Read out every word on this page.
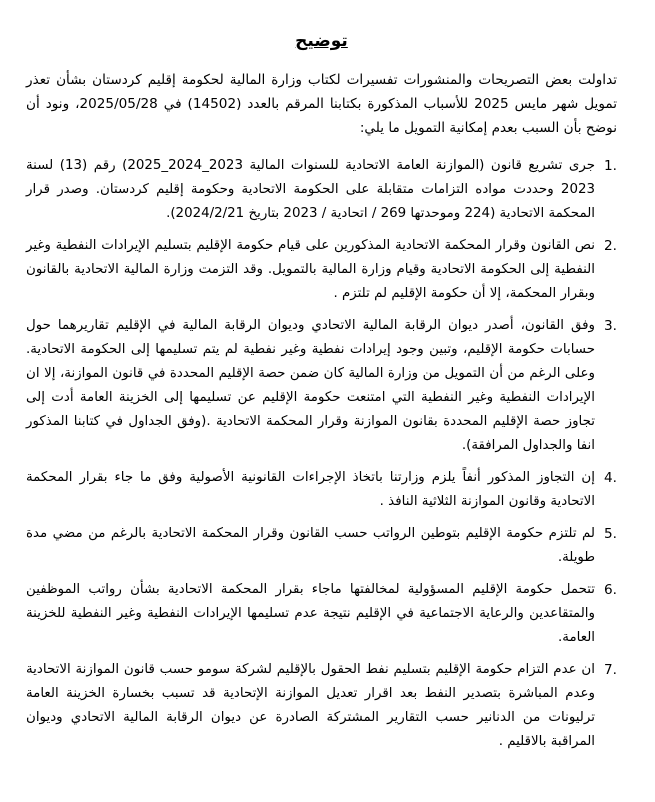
توضيح

تداولت بعض التصريحات والمنشورات تفسيرات لكتاب وزارة المالية لحكومة إقليم كردستان بشأن تعذر تمويل شهر مايس 2025 للأسباب المذكورة بكتابنا المرقم بالعدد (14502) في 2025/05/28، ونود أن نوضح بأن السبب بعدم إمكانية التمويل ما يلي:

1.
جرى تشريع قانون (الموازنة العامة الاتحادية للسنوات المالية 2023_2024_2025) رقم (13) لسنة 2023 وحددت مواده التزامات متقابلة على الحكومة الاتحادية وحكومة إقليم كردستان. وصدر قرار المحكمة الاتحادية (224 وموحدتها 269 / اتحادية / 2023 بتاريخ 2024/2/21).
2.
نص القانون وقرار المحكمة الاتحادية المذكورين على قيام حكومة الإقليم بتسليم الإيرادات النفطية وغير النفطية إلى الحكومة الاتحادية وقيام وزارة المالية بالتمويل. وقد التزمت وزارة المالية الاتحادية بالقانون وبقرار المحكمة، إلا أن حكومة الإقليم لم تلتزم .
3.
وفق القانون، أصدر ديوان الرقابة المالية الاتحادي وديوان الرقابة المالية في الإقليم تقاريرهما حول حسابات حكومة الإقليم، وتبين وجود إيرادات نفطية وغير نفطية لم يتم تسليمها إلى الحكومة الاتحادية. وعلى الرغم من أن التمويل من وزارة المالية كان ضمن حصة الإقليم المحددة في قانون الموازنة، إلا ان الإيرادات النفطية وغير النفطية التي امتنعت حكومة الإقليم عن تسليمها إلى الخزينة العامة أدت إلى تجاوز حصة الإقليم المحددة بقانون الموازنة وقرار المحكمة الاتحادية .(وفق الجداول في كتابنا المذكور انفا والجداول المرافقة).
4.
إن التجاوز المذكور أنفاً يلزم وزارتنا باتخاذ الإجراءات القانونية الأصولية وفق ما جاء بقرار المحكمة الاتحادية وقانون الموازنة الثلاثية النافذ .
5.
لم تلتزم حكومة الإقليم بتوطين الرواتب حسب القانون وقرار المحكمة الاتحادية بالرغم من مضي مدة طويلة.
6.
تتحمل حكومة الإقليم المسؤولية لمخالفتها ماجاء بقرار المحكمة الاتحادية بشأن رواتب الموظفين والمتقاعدين والرعاية الاجتماعية في الإقليم نتيجة عدم تسليمها الإيرادات النفطية وغير النفطية للخزينة العامة.
7.
ان عدم التزام حكومة الإقليم بتسليم نفط الحقول بالإقليم لشركة سومو حسب قانون الموازنة الاتحادية وعدم المباشرة بتصدير النفط بعد اقرار تعديل الموازنة الإتحادية قد تسبب بخسارة الخزينة العامة ترليونات من الدنانير حسب التقارير المشتركة الصادرة عن ديوان الرقابة المالية الاتحادي وديوان المراقبة بالاقليم .
